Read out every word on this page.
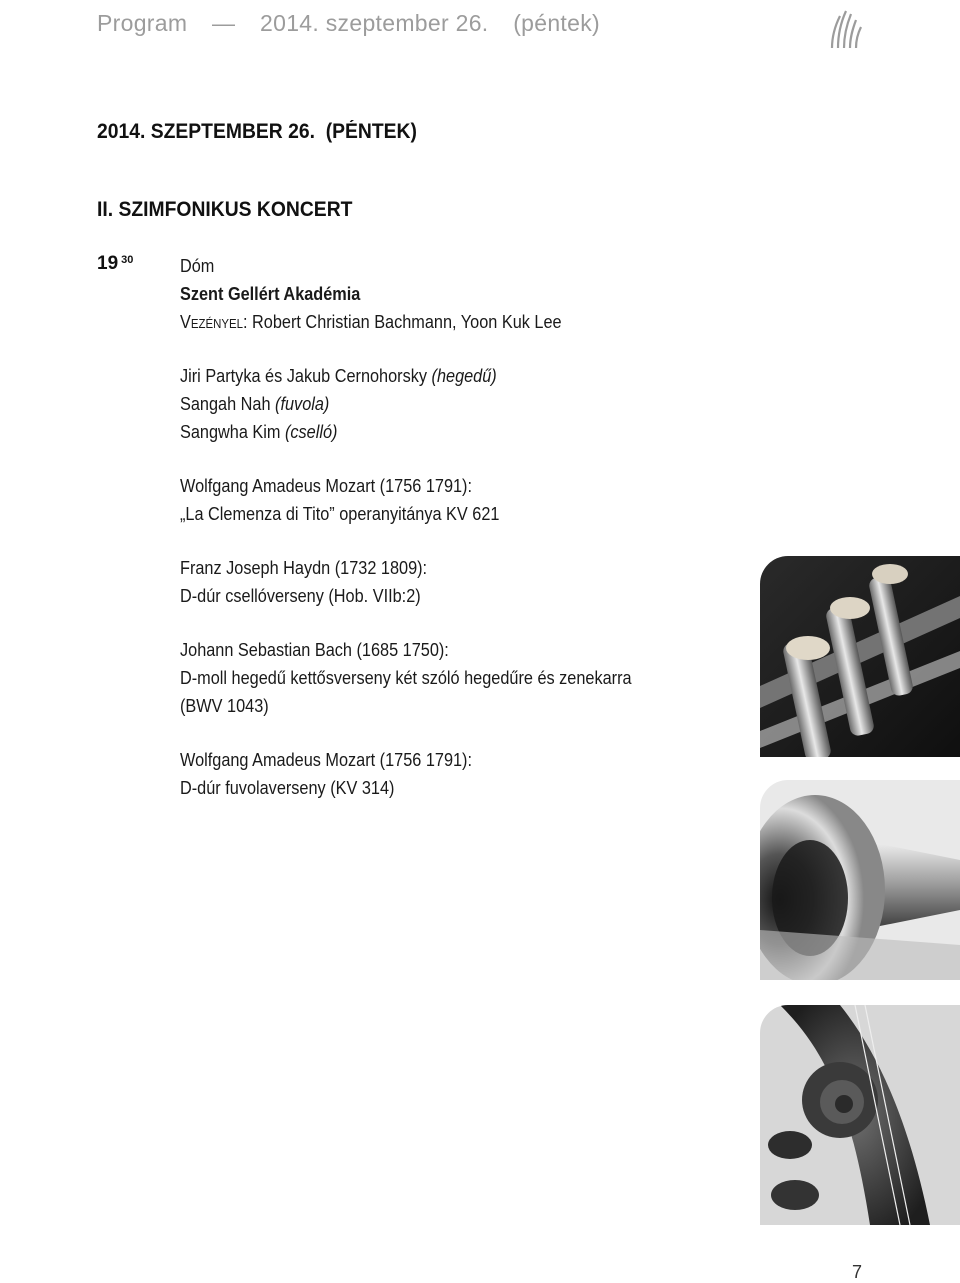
Program — 2014. szeptember 26. (péntek)
2014. SZEPTEMBER 26.  (PÉNTEK)
II. SZIMFONIKUS KONCERT
19 $^{30}$	Dóm
Szent Gellért Akadémia
Vezényel: Robert Christian Bachmann, Yoon Kuk Lee
Jiri Partyka és Jakub Cernohorsky (hegedű)
Sangah Nah (fuvola)
Sangwha Kim (cselló)
Wolfgang Amadeus Mozart (1756 1791):
„La Clemenza di Tito” operanyitánya KV 621
Franz Joseph Haydn (1732 1809):
D-dúr csellóverseny (Hob. VIIb:2)
Johann Sebastian Bach (1685 1750):
D-moll hegedű kettősverseny két szóló hegedűre és zenekarra
(BWV 1043)
Wolfgang Amadeus Mozart (1756 1791):
D-dúr fuvolaverseny (KV 314)
7
